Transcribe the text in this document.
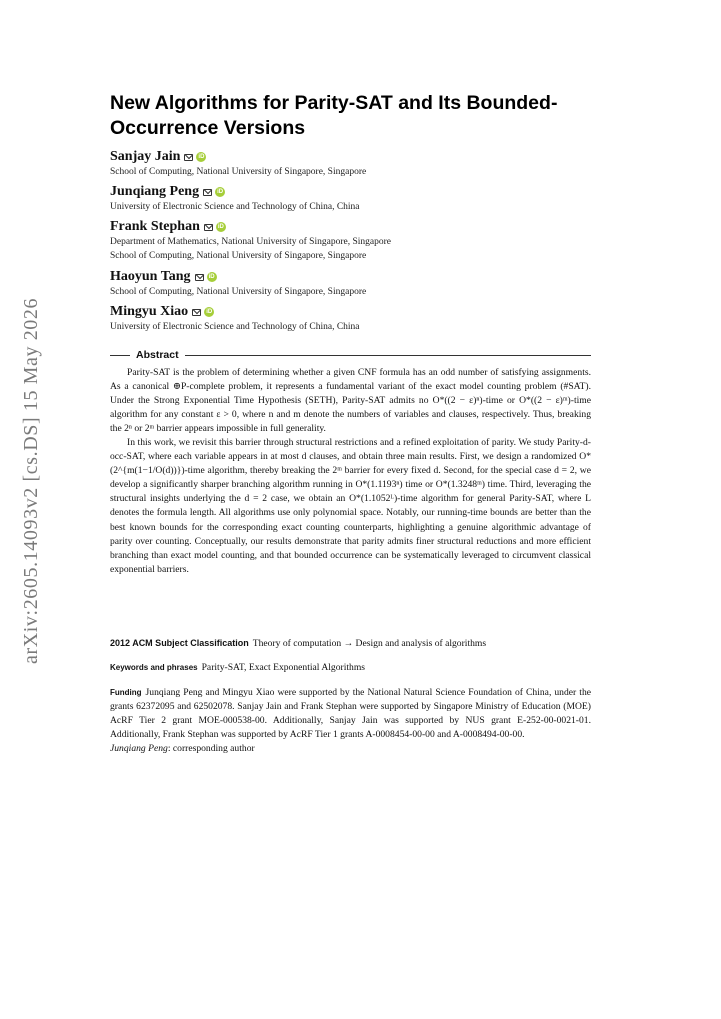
arXiv:2605.14093v2 [cs.DS] 15 May 2026
New Algorithms for Parity-SAT and Its Bounded-Occurrence Versions
Sanjay Jain	iD
School of Computing, National University of Singapore, Singapore
Junqiang Peng	iD
University of Electronic Science and Technology of China, China
Frank Stephan	iD
Department of Mathematics, National University of Singapore, Singapore
School of Computing, National University of Singapore, Singapore
Haoyun Tang	iD
School of Computing, National University of Singapore, Singapore
Mingyu Xiao	iD
University of Electronic Science and Technology of China, China
Abstract

Parity-SAT is the problem of determining whether a given CNF formula has an odd number of satisfying assignments. As a canonical ⊕P-complete problem, it represents a fundamental variant of the exact model counting problem (#SAT). Under the Strong Exponential Time Hypothesis (SETH), Parity-SAT admits no O*((2 − ε)ⁿ)-time or O*((2 − ε)ᵐ)-time algorithm for any constant ε > 0, where n and m denote the numbers of variables and clauses, respectively. Thus, breaking the 2ⁿ or 2ᵐ barrier appears impossible in full generality.

In this work, we revisit this barrier through structural restrictions and a refined exploitation of parity. We study Parity-d-occ-SAT, where each variable appears in at most d clauses, and obtain three main results. First, we design a randomized O*(2^{m(1−1/O(d))})-time algorithm, thereby breaking the 2ᵐ barrier for every fixed d. Second, for the special case d = 2, we develop a significantly sharper branching algorithm running in O*(1.1193ⁿ) time or O*(1.3248ᵐ) time. Third, leveraging the structural insights underlying the d = 2 case, we obtain an O*(1.1052ᴸ)-time algorithm for general Parity-SAT, where L denotes the formula length. All algorithms use only polynomial space. Notably, our running-time bounds are better than the best known bounds for the corresponding exact counting counterparts, highlighting a genuine algorithmic advantage of parity over counting. Conceptually, our results demonstrate that parity admits finer structural reductions and more efficient branching than exact model counting, and that bounded occurrence can be systematically leveraged to circumvent classical exponential barriers.

2012 ACM Subject Classification Theory of computation → Design and analysis of algorithms
Keywords and phrases Parity-SAT, Exact Exponential Algorithms
Funding Junqiang Peng and Mingyu Xiao were supported by the National Natural Science Foundation of China, under the grants 62372095 and 62502078. Sanjay Jain and Frank Stephan were supported by Singapore Ministry of Education (MOE) AcRF Tier 2 grant MOE-000538-00. Additionally, Sanjay Jain was supported by NUS grant E-252-00-0021-01. Additionally, Frank Stephan was supported by AcRF Tier 1 grants A-0008454-00-00 and A-0008494-00-00.
Junqiang Peng: corresponding author
